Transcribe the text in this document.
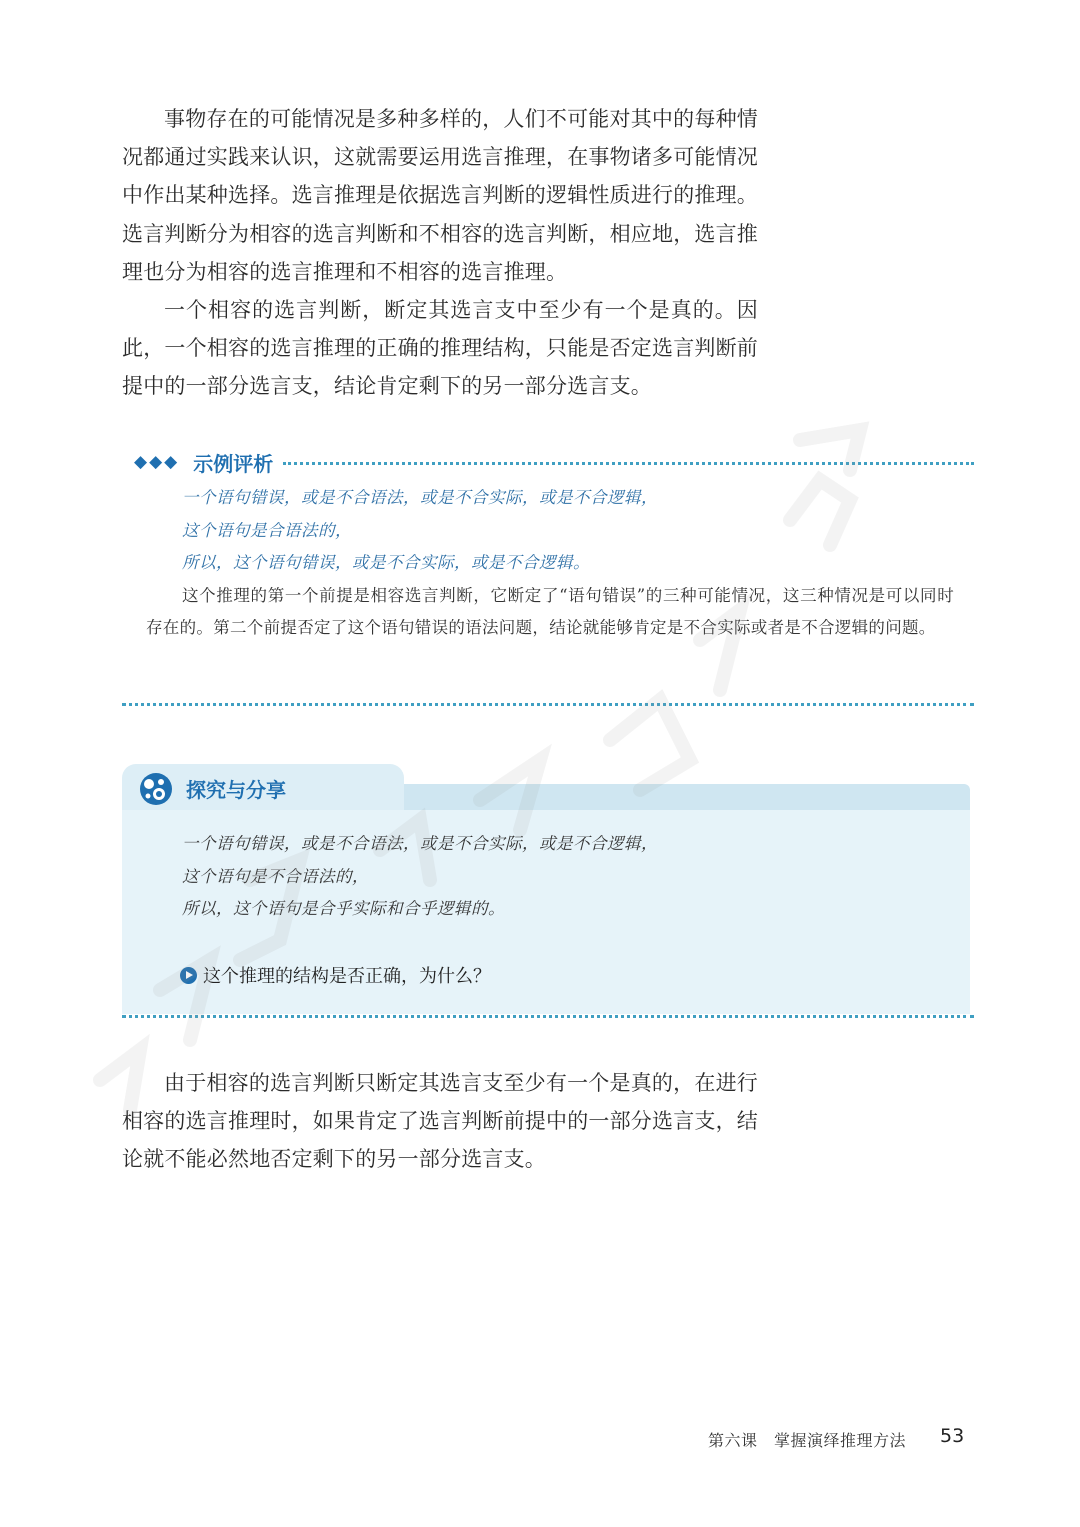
事物存在的可能情况是多种多样的，人们不可能对其中的每种情况都通过实践来认识，这就需要运用选言推理，在事物诸多可能情况中作出某种选择。选言推理是依据选言判断的逻辑性质进行的推理。选言判断分为相容的选言判断和不相容的选言判断，相应地，选言推理也分为相容的选言推理和不相容的选言推理。

一个相容的选言判断，断定其选言支中至少有一个是真的。因此，一个相容的选言推理的正确的推理结构，只能是否定选言判断前提中的一部分选言支，结论肯定剩下的另一部分选言支。

◆◆◆ 示例评析

一个语句错误，或是不合语法，或是不合实际，或是不合逻辑，

这个语句是合语法的，

所以，这个语句错误，或是不合实际，或是不合逻辑。

这个推理的第一个前提是相容选言判断，它断定了“语句错误”的三种可能情况，这三种情况是可以同时存在的。第二个前提否定了这个语句错误的语法问题，结论就能够肯定是不合实际或者是不合逻辑的问题。

探究与分享

一个语句错误，或是不合语法，或是不合实际，或是不合逻辑，

这个语句是不合语法的，

所以，这个语句是合乎实际和合乎逻辑的。

这个推理的结构是否正确，为什么？

由于相容的选言判断只断定其选言支至少有一个是真的，在进行相容的选言推理时，如果肯定了选言判断前提中的一部分选言支，结论就不能必然地否定剩下的另一部分选言支。

第六课　掌握演绎推理方法 53
